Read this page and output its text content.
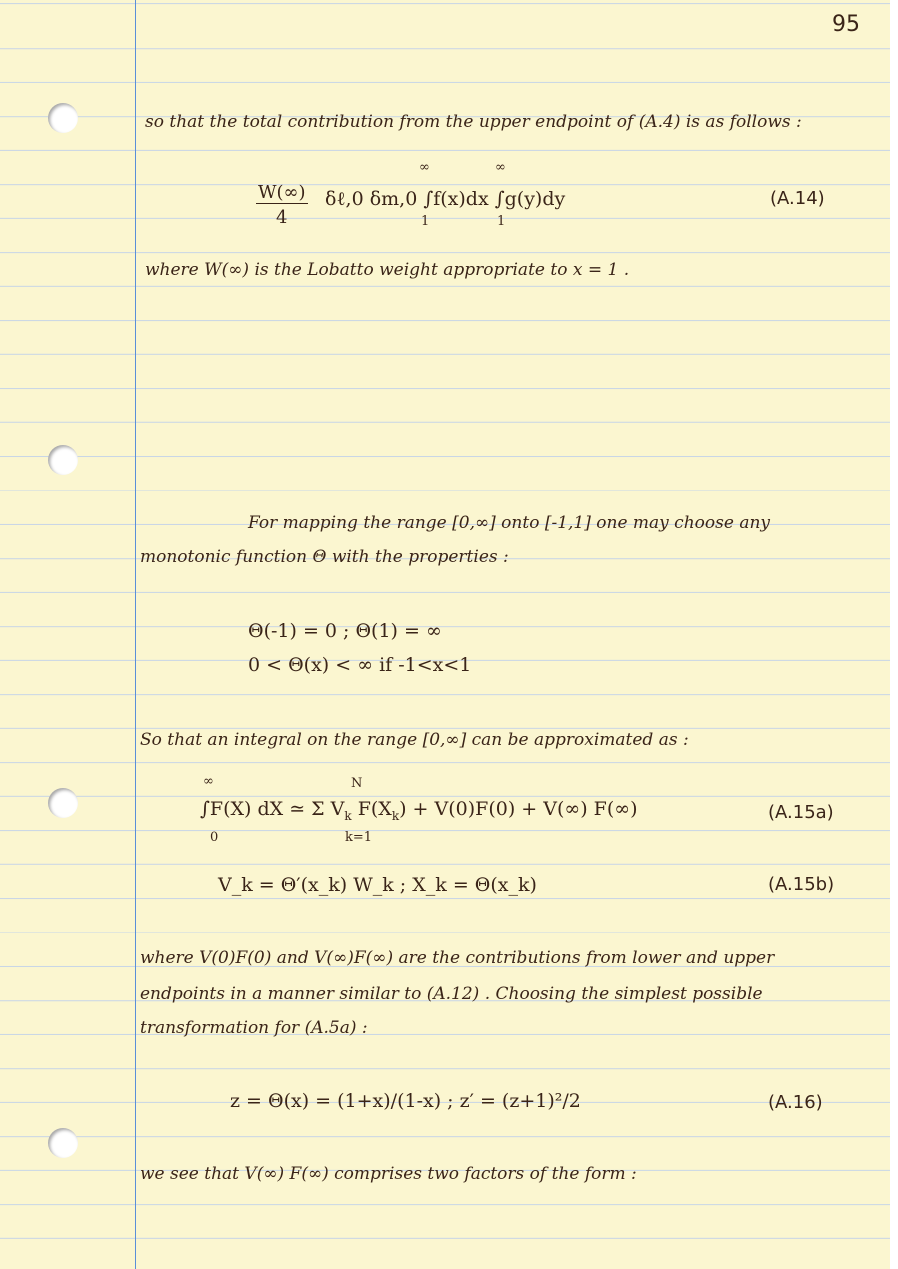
95
so that the total contribution from the upper endpoint of (A.4) is as follows :
$\frac{W(\infty)}{4}$
∞
1
∞
1
δℓ,0 δm,0 ∫f(x)dx ∫g(y)dy	(A.14)
where W(∞) is the Lobatto weight appropriate to x = 1 .
For mapping the range [0,∞] onto [-1,1] one may choose any
monotonic function Θ with the properties :
Θ(-1) = 0 ; Θ(1) = ∞
0 < Θ(x) < ∞ if -1<x<1
So that an integral on the range [0,∞] can be approximated as :
∞
0
N
k=1
∫F(X) dX ≃ Σ $V_k$ $F(X_k) + V(0)F(0) + V(\infty)$ F(∞)	(A.15a)
V_k = Θ′(x_k) W_k ; X_k = Θ(x_k)	(A.15b)
where V(0)F(0) and V(∞)F(∞) are the contributions from lower and upper
endpoints in a manner similar to (A.12) . Choosing the simplest possible
transformation for (A.5a) :
z = Θ(x) = (1+x)/(1-x) ; z′ = (z+1)²/2	(A.16)
we see that V(∞) F(∞) comprises two factors of the form :
